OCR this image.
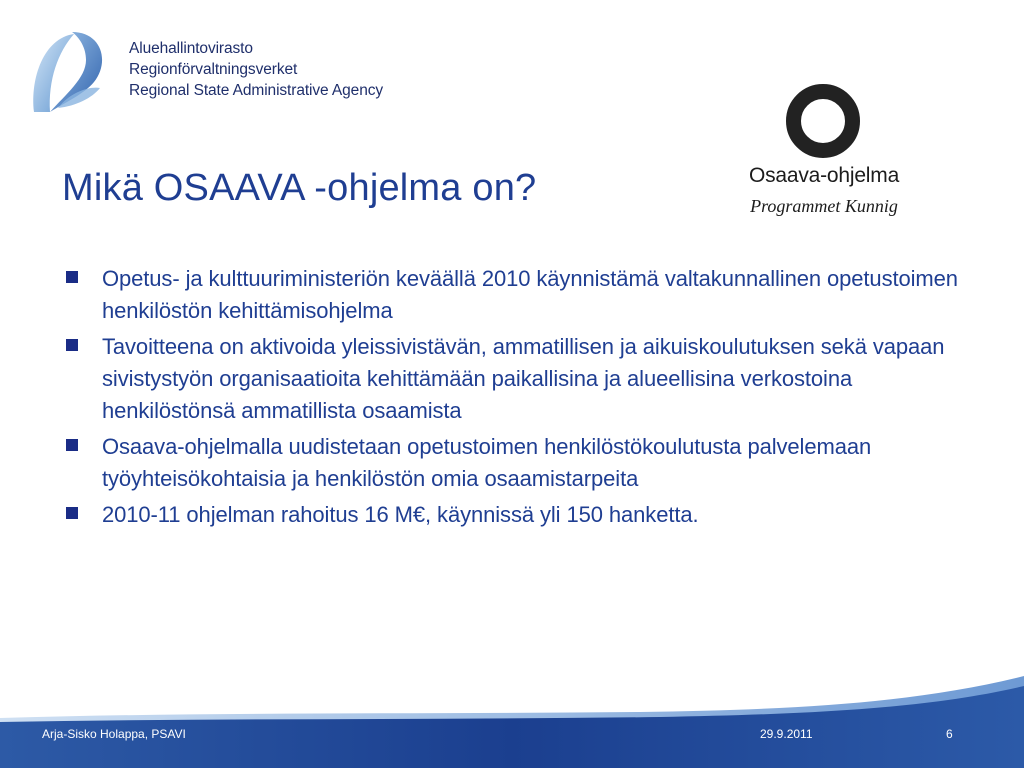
Aluehallintovirasto
Regionförvaltningsverket
Regional State Administrative Agency
Osaava-ohjelma
Programmet Kunnig
Mikä OSAAVA -ohjelma on?
Opetus- ja kulttuuriministeriön keväällä 2010 käynnistämä valtakunnallinen opetustoimen henkilöstön kehittämisohjelma
Tavoitteena on aktivoida yleissivistävän, ammatillisen ja aikuiskoulutuksen sekä vapaan sivistystyön organisaatioita kehittämään paikallisina ja alueellisina verkostoina henkilöstönsä ammatillista osaamista
Osaava-ohjelmalla uudistetaan opetustoimen henkilöstökoulutusta palvelemaan työyhteisökohtaisia ja henkilöstön omia osaamistarpeita
2010-11 ohjelman rahoitus 16 M€, käynnissä yli 150 hanketta.
Arja-Sisko Holappa, PSAVI	29.9.2011	6
